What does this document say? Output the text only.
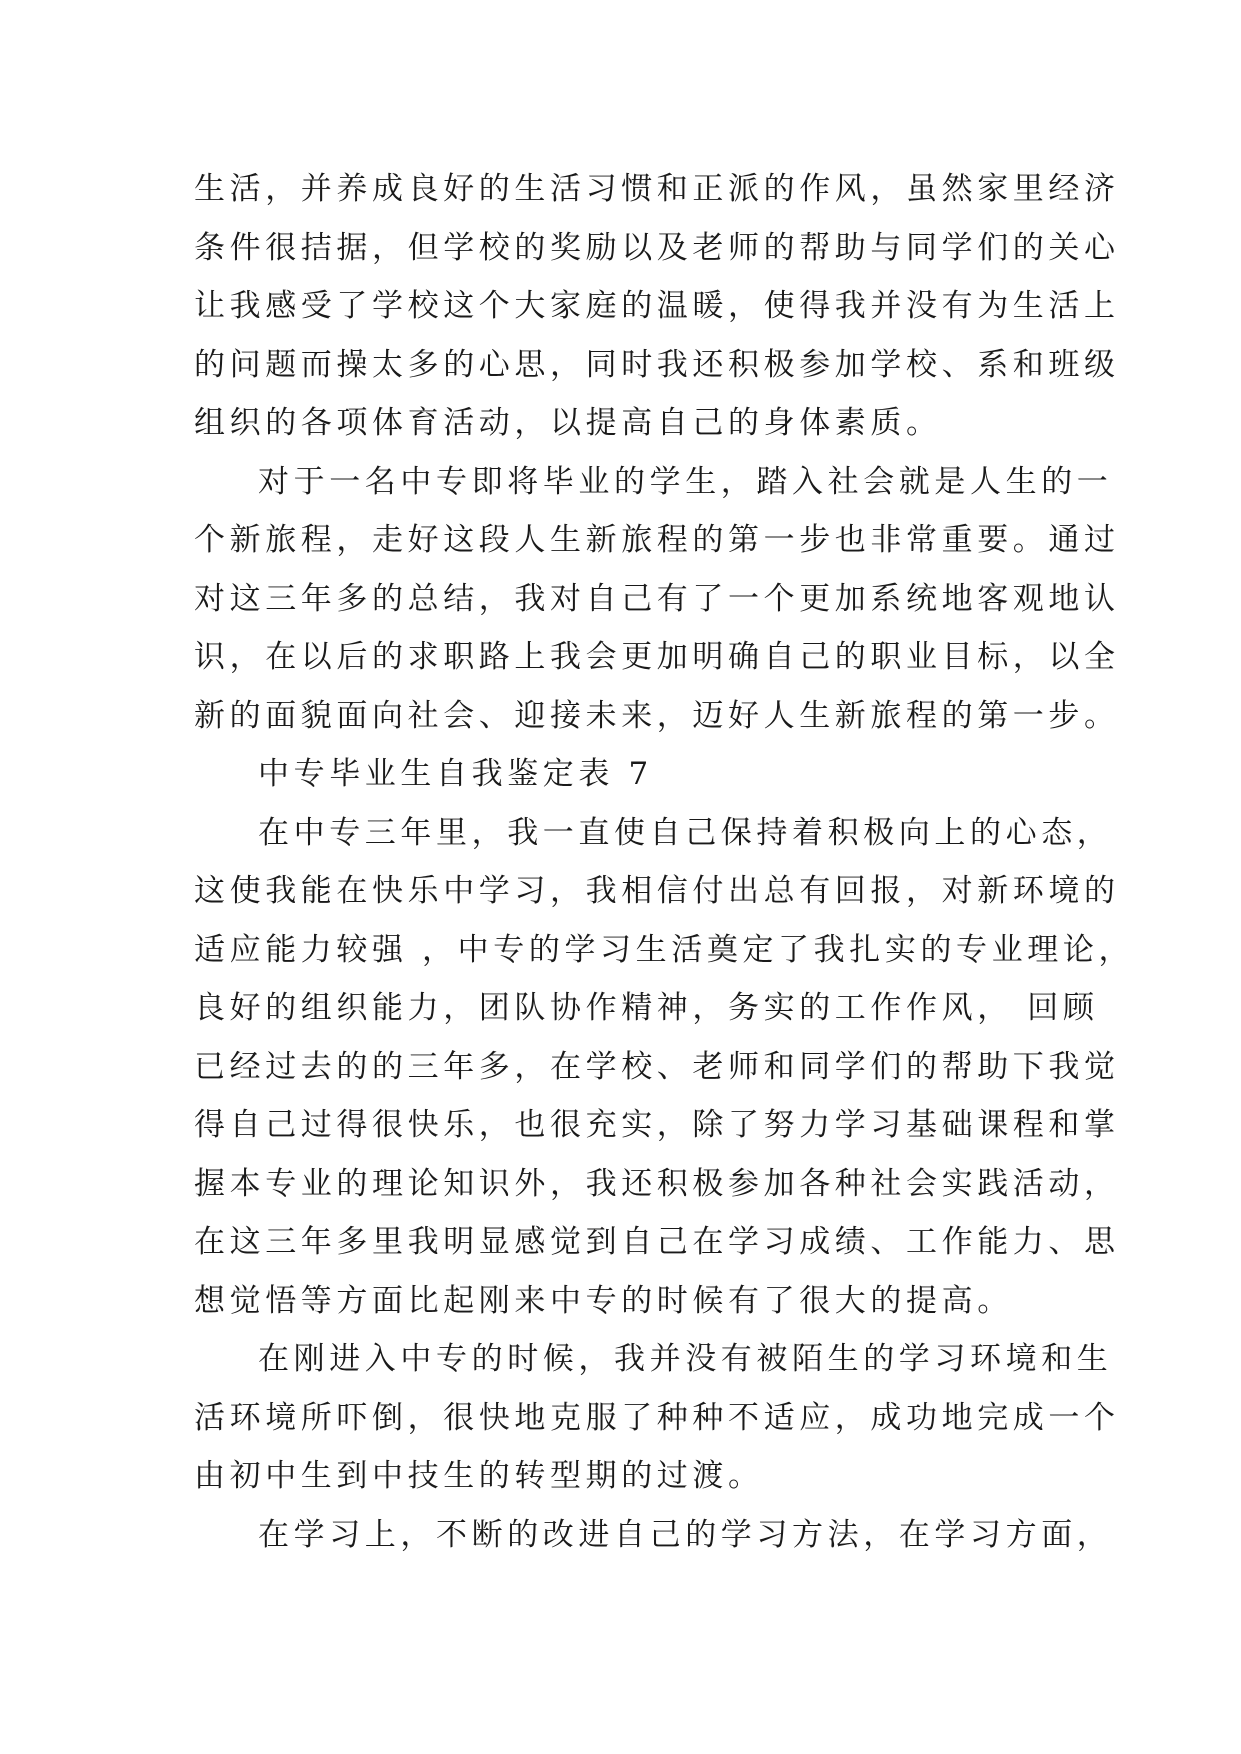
生活，并养成良好的生活习惯和正派的作风，虽然家里经济
条件很拮据，但学校的奖励以及老师的帮助与同学们的关心
让我感受了学校这个大家庭的温暖，使得我并没有为生活上
的问题而操太多的心思，同时我还积极参加学校、系和班级
组织的各项体育活动，以提高自己的身体素质。
对于一名中专即将毕业的学生，踏入社会就是人生的一
个新旅程，走好这段人生新旅程的第一步也非常重要。通过
对这三年多的总结，我对自己有了一个更加系统地客观地认
识，在以后的求职路上我会更加明确自己的职业目标，以全
新的面貌面向社会、迎接未来，迈好人生新旅程的第一步。
中专毕业生自我鉴定表 7
在中专三年里，我一直使自己保持着积极向上的心态，
这使我能在快乐中学习，我相信付出总有回报，对新环境的
适应能力较强 ，中专的学习生活奠定了我扎实的专业理论，
良好的组织能力，团队协作精神，务实的工作作风， 回顾
已经过去的的三年多，在学校、老师和同学们的帮助下我觉
得自己过得很快乐，也很充实，除了努力学习基础课程和掌
握本专业的理论知识外，我还积极参加各种社会实践活动，
在这三年多里我明显感觉到自己在学习成绩、工作能力、思
想觉悟等方面比起刚来中专的时候有了很大的提高。
在刚进入中专的时候，我并没有被陌生的学习环境和生
活环境所吓倒，很快地克服了种种不适应，成功地完成一个
由初中生到中技生的转型期的过渡。
在学习上，不断的改进自己的学习方法，在学习方面，
